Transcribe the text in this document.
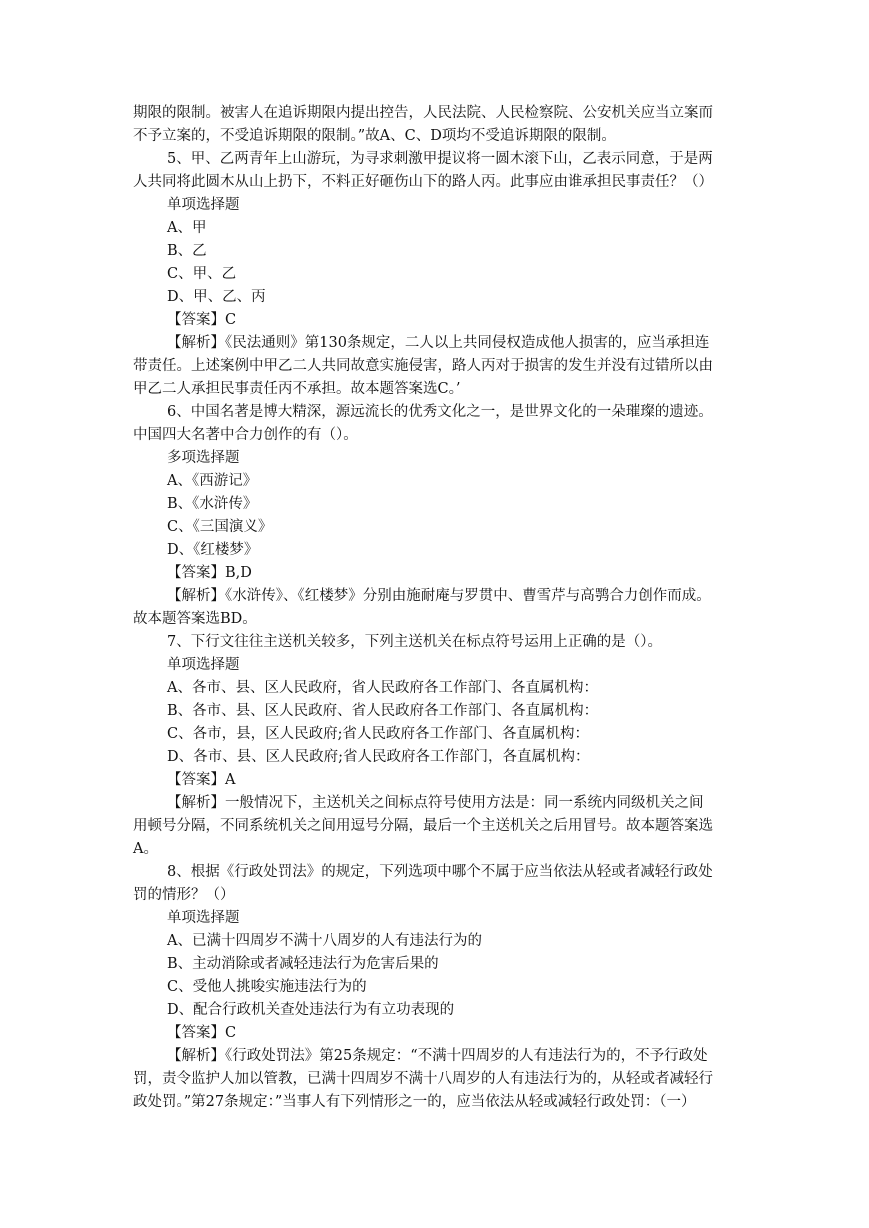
期限的限制。被害人在追诉期限内提出控告，人民法院、人民检察院、公安机关应当立案而
不予立案的，不受追诉期限的限制。”故A、C、D项均不受追诉期限的限制。
5、甲、乙两青年上山游玩，为寻求刺激甲提议将一圆木滚下山，乙表示同意，于是两
人共同将此圆木从山上扔下，不料正好砸伤山下的路人丙。此事应由谁承担民事责任？（）
单项选择题
A、甲
B、乙
C、甲、乙
D、甲、乙、丙
【答案】C
【解析】《民法通则》第130条规定，二人以上共同侵权造成他人损害的，应当承担连
带责任。上述案例中甲乙二人共同故意实施侵害，路人丙对于损害的发生并没有过错所以由
甲乙二人承担民事责任丙不承担。故本题答案选C。’
6、中国名著是博大精深，源远流长的优秀文化之一，是世界文化的一朵璀璨的遗迹。
中国四大名著中合力创作的有（）。
多项选择题
A、《西游记》
B、《水浒传》
C、《三国演义》
D、《红楼梦》
【答案】B,D
【解析】《水浒传》、《红楼梦》分别由施耐庵与罗贯中、曹雪芹与高鹗合力创作而成。
故本题答案选BD。
7、下行文往往主送机关较多，下列主送机关在标点符号运用上正确的是（）。
单项选择题
A、各市、县、区人民政府，省人民政府各工作部门、各直属机构：
B、各市、县、区人民政府、省人民政府各工作部门、各直属机构：
C、各市，县，区人民政府;省人民政府各工作部门、各直属机构：
D、各市、县、区人民政府;省人民政府各工作部门，各直属机构：
【答案】A
【解析】一般情况下，主送机关之间标点符号使用方法是：同一系统内同级机关之间
用顿号分隔，不同系统机关之间用逗号分隔，最后一个主送机关之后用冒号。故本题答案选
A。
8、根据《行政处罚法》的规定，下列选项中哪个不属于应当依法从轻或者减轻行政处
罚的情形？（）
单项选择题
A、已满十四周岁不满十八周岁的人有违法行为的
B、主动消除或者减轻违法行为危害后果的
C、受他人挑唆实施违法行为的
D、配合行政机关查处违法行为有立功表现的
【答案】C
【解析】《行政处罚法》第25条规定：“不满十四周岁的人有违法行为的，不予行政处
罚，责令监护人加以管教，已满十四周岁不满十八周岁的人有违法行为的，从轻或者减轻行
政处罚。”第27条规定：”当事人有下列情形之一的，应当依法从轻或减轻行政处罚：（一）
